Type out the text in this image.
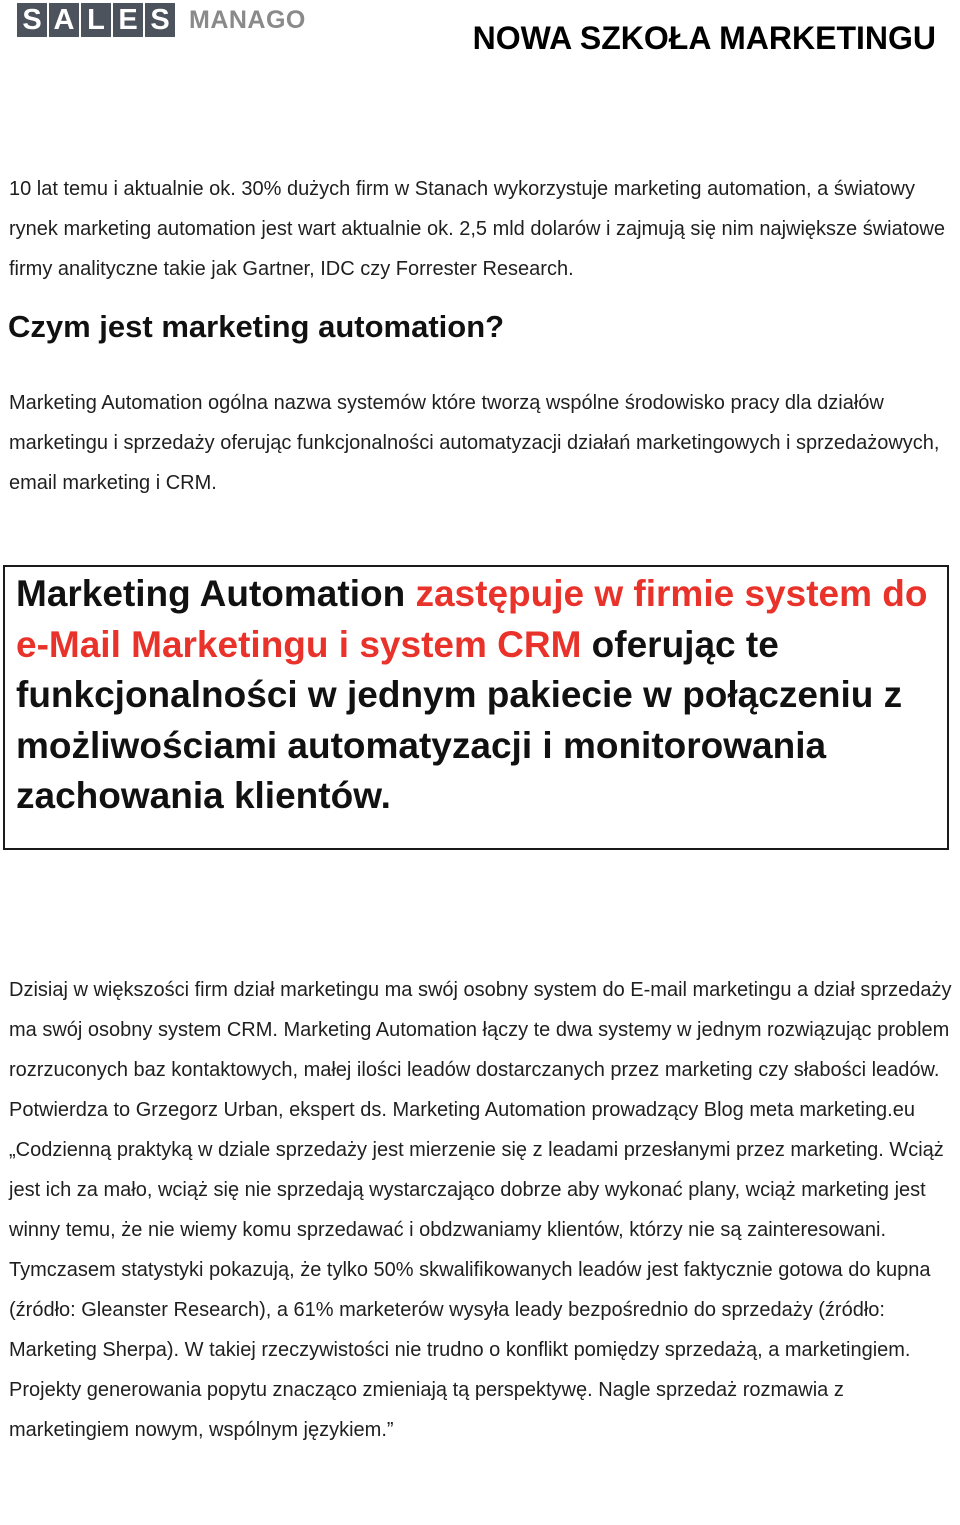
S A L E S MANAGO
NOWA SZKOŁA MARKETINGU

10 lat temu i aktualnie ok. 30% dużych firm w Stanach wykorzystuje marketing automation, a światowy rynek marketing automation jest wart aktualnie ok. 2,5 mld dolarów i zajmują się nim największe światowe firmy analityczne takie jak Gartner, IDC czy Forrester Research.

Czym jest marketing automation?

Marketing Automation ogólna nazwa systemów które tworzą wspólne środowisko pracy dla działów marketingu i sprzedaży oferując funkcjonalności automatyzacji działań marketingowych i sprzedażowych, email marketing i CRM.

Marketing Automation zastępuje w firmie system do e-Mail Marketingu i system CRM oferując te funkcjonalności w jednym pakiecie w połączeniu z możliwościami automatyzacji i monitorowania zachowania klientów.

Dzisiaj w większości firm dział marketingu ma swój osobny system do E-mail marketingu a dział sprzedaży ma swój osobny system CRM. Marketing Automation łączy te dwa systemy w jednym rozwiązując problem rozrzuconych baz kontaktowych, małej ilości leadów dostarczanych przez marketing czy słabości leadów. Potwierdza to Grzegorz Urban, ekspert ds. Marketing Automation prowadzący Blog meta marketing.eu „Codzienną praktyką w dziale sprzedaży jest mierzenie się z leadami przesłanymi przez marketing. Wciąż jest ich za mało, wciąż się nie sprzedają wystarczająco dobrze aby wykonać plany, wciąż marketing jest winny temu, że nie wiemy komu sprzedawać i obdzwaniamy klientów, którzy nie są zainteresowani. Tymczasem statystyki pokazują, że tylko 50% skwalifikowanych leadów jest faktycznie gotowa do kupna (źródło: Gleanster Research), a 61% marketerów wysyła leady bezpośrednio do sprzedaży (źródło: Marketing Sherpa). W takiej rzeczywistości nie trudno o konflikt pomiędzy sprzedażą, a marketingiem. Projekty generowania popytu znacząco zmieniają tą perspektywę. Nagle sprzedaż rozmawia z marketingiem nowym, wspólnym językiem.”
